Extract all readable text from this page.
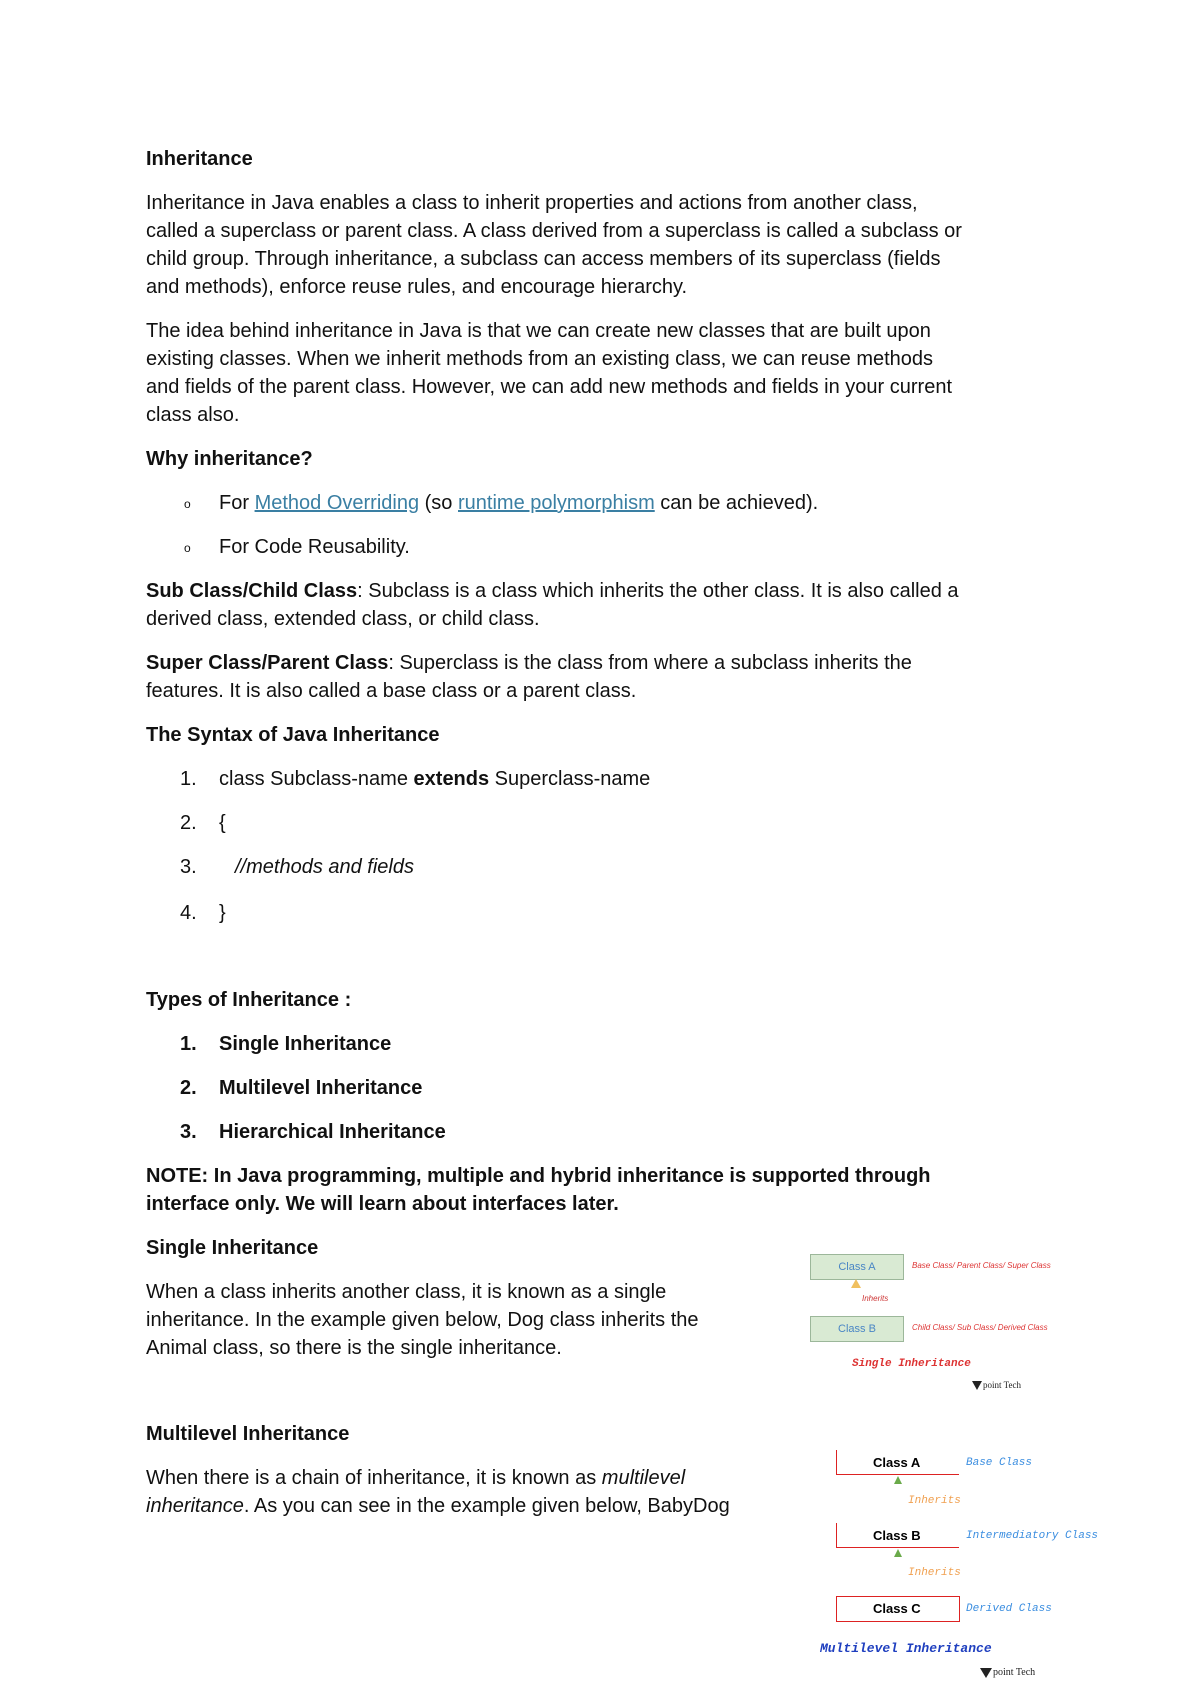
Inheritance
Inheritance in Java enables a class to inherit properties and actions from another class,
called a superclass or parent class. A class derived from a superclass is called a subclass or
child group. Through inheritance, a subclass can access members of its superclass (fields
and methods), enforce reuse rules, and encourage hierarchy.
The idea behind inheritance in Java is that we can create new classes that are built upon
existing classes. When we inherit methods from an existing class, we can reuse methods
and fields of the parent class. However, we can add new methods and fields in your current
class also.
Why inheritance?
o For Method Overriding (so runtime polymorphism can be achieved).
o For Code Reusability.
Sub Class/Child Class: Subclass is a class which inherits the other class. It is also called a
derived class, extended class, or child class.
Super Class/Parent Class: Superclass is the class from where a subclass inherits the
features. It is also called a base class or a parent class.
The Syntax of Java Inheritance
1.	class Subclass-name extends Superclass-name
2.	{
3.	//methods and fields
4.	}
Types of Inheritance :
1. Single Inheritance
2. Multilevel Inheritance
3. Hierarchical Inheritance
NOTE: In Java programming, multiple and hybrid inheritance is supported through
interface only. We will learn about interfaces later.
Single Inheritance
When a class inherits another class, it is known as a single
inheritance. In the example given below, Dog class inherits the
Animal class, so there is the single inheritance.
Class A	Base Class/ Parent Class/ Super Class
Inherits
Class B	Child Class/ Sub Class/ Derived Class
Single Inheritance
point Tech
Multilevel Inheritance
When there is a chain of inheritance, it is known as multilevel
inheritance. As you can see in the example given below, BabyDog
Class A	Base Class
Inherits
Class B	Intermediatory Class
Inherits
Class C	Derived Class
Multilevel Inheritance
point Tech
